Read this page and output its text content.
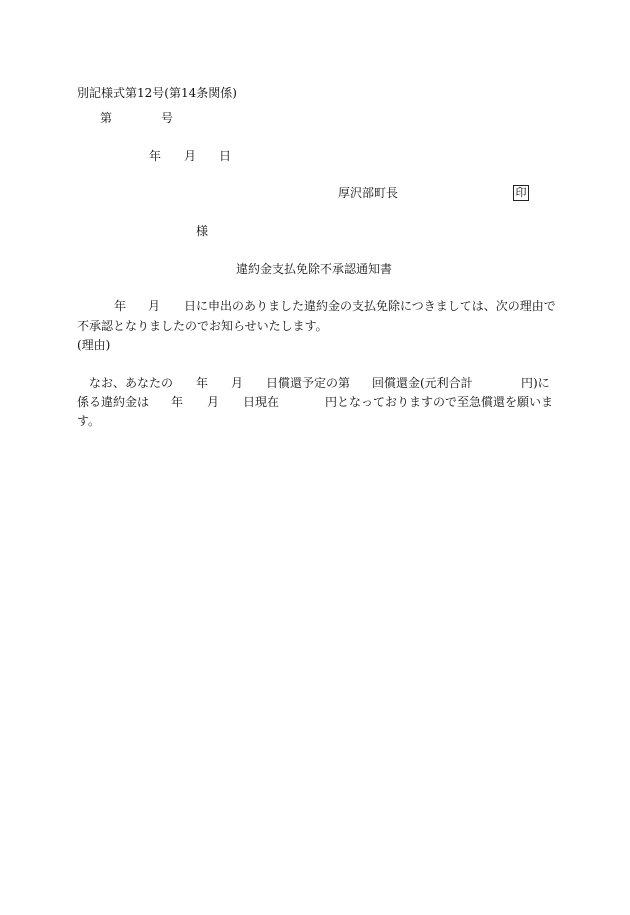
別記様式第12号(第14条関係)
第	号
年 月 日
厚沢部町長	印
様
違約金支払免除不承認通知書
年 月 日に申出のありました違約金の支払免除につきましては、次の理由で
不承認となりましたのでお知らせいたします。
(理由)
なお、あなたの 年 月 日償還予定の第 回償還金(元利合計	円)に
係る違約金は 年 月 日現在	円となっておりますので至急償還を願いま
す。
